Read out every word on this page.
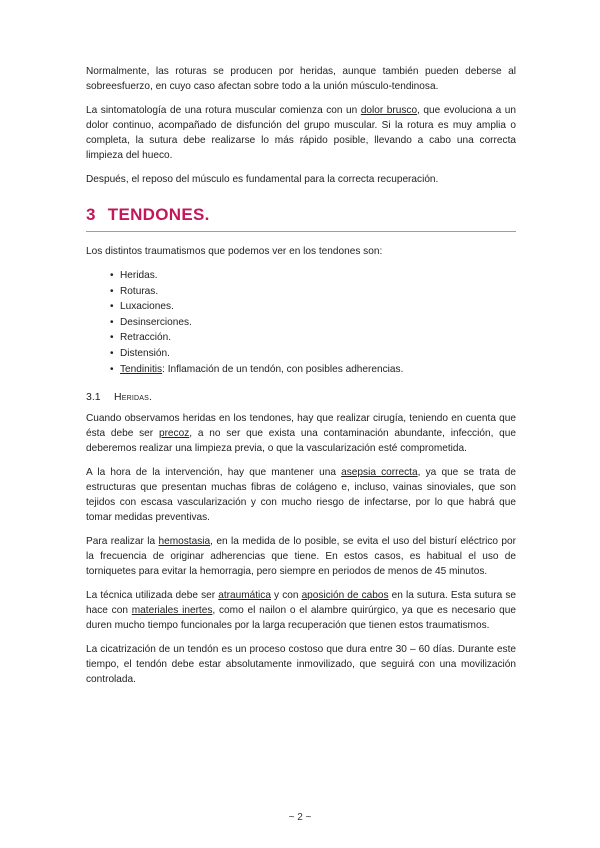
Normalmente, las roturas se producen por heridas, aunque también pueden deberse al sobreesfuerzo, en cuyo caso afectan sobre todo a la unión músculo-tendinosa.

La sintomatología de una rotura muscular comienza con un dolor brusco, que evoluciona a un dolor continuo, acompañado de disfunción del grupo muscular. Si la rotura es muy amplia o completa, la sutura debe realizarse lo más rápido posible, llevando a cabo una correcta limpieza del hueco.

Después, el reposo del músculo es fundamental para la correcta recuperación.

3 TENDONES.

Los distintos traumatismos que podemos ver en los tendones son:

• Heridas.
• Roturas.
• Luxaciones.
• Desinserciones.
• Retracción.
• Distensión.
• Tendinitis: Inflamación de un tendón, con posibles adherencias.
3.1 Heridas.

Cuando observamos heridas en los tendones, hay que realizar cirugía, teniendo en cuenta que ésta debe ser precoz, a no ser que exista una contaminación abundante, infección, que deberemos realizar una limpieza previa, o que la vascularización esté comprometida.

A la hora de la intervención, hay que mantener una asepsia correcta, ya que se trata de estructuras que presentan muchas fibras de colágeno e, incluso, vainas sinoviales, que son tejidos con escasa vascularización y con mucho riesgo de infectarse, por lo que habrá que tomar medidas preventivas.

Para realizar la hemostasia, en la medida de lo posible, se evita el uso del bisturí eléctrico por la frecuencia de originar adherencias que tiene. En estos casos, es habitual el uso de torniquetes para evitar la hemorragia, pero siempre en periodos de menos de 45 minutos.

La técnica utilizada debe ser atraumática y con aposición de cabos en la sutura. Esta sutura se hace con materiales inertes, como el nailon o el alambre quirúrgico, ya que es necesario que duren mucho tiempo funcionales por la larga recuperación que tienen estos traumatismos.

La cicatrización de un tendón es un proceso costoso que dura entre 30 – 60 días. Durante este tiempo, el tendón debe estar absolutamente inmovilizado, que seguirá con una movilización controlada.

~ 2 ~
